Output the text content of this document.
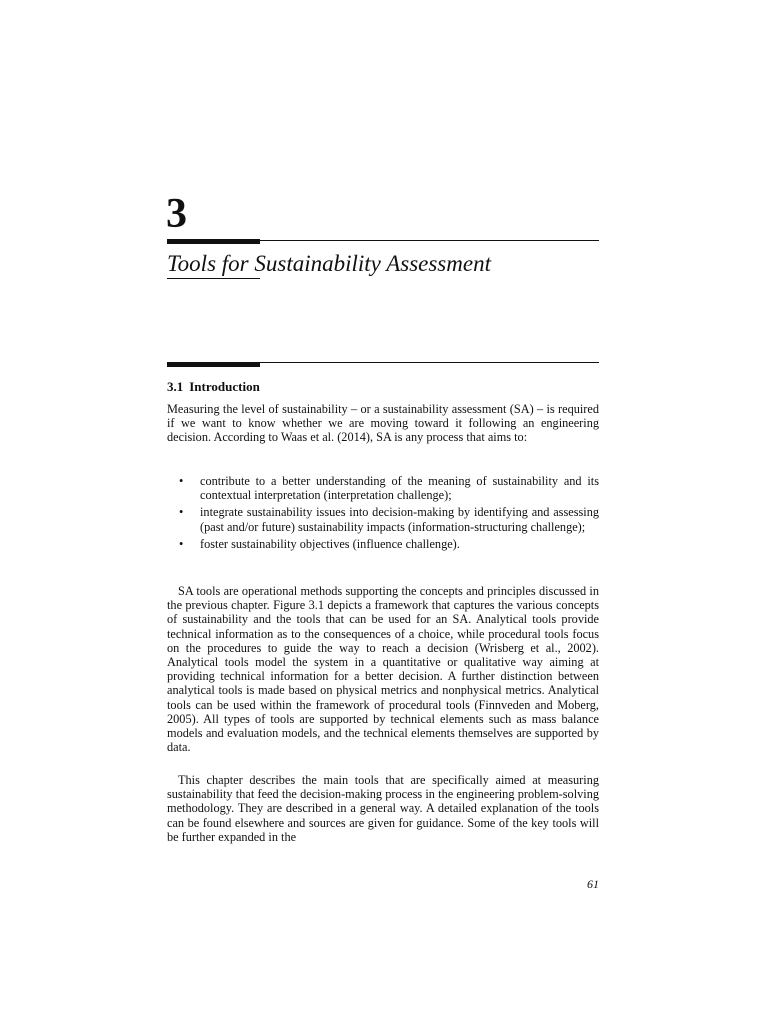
3
Tools for Sustainability Assessment
3.1 Introduction
Measuring the level of sustainability – or a sustainability assessment (SA) – is required if we want to know whether we are moving toward it following an engineering decision. According to Waas et al. (2014), SA is any process that aims to:
• contribute to a better understanding of the meaning of sustainability and its contextual interpretation (interpretation challenge);
• integrate sustainability issues into decision-making by identifying and assessing (past and/or future) sustainability impacts (information-structuring challenge);
• foster sustainability objectives (influence challenge).
SA tools are operational methods supporting the concepts and principles discussed in the previous chapter. Figure 3.1 depicts a framework that captures the various concepts of sustainability and the tools that can be used for an SA. Analytical tools provide technical information as to the consequences of a choice, while procedural tools focus on the procedures to guide the way to reach a decision (Wrisberg et al., 2002). Analytical tools model the system in a quantitative or qualitative way aiming at providing technical information for a better decision. A further distinction between analytical tools is made based on physical metrics and nonphysical metrics. Analytical tools can be used within the framework of procedural tools (Finnveden and Moberg, 2005). All types of tools are supported by technical elements such as mass balance models and evaluation models, and the technical elements themselves are supported by data.
This chapter describes the main tools that are specifically aimed at measuring sustainability that feed the decision-making process in the engineering problem-solving methodology. They are described in a general way. A detailed explanation of the tools can be found elsewhere and sources are given for guidance. Some of the key tools will be further expanded in the
61
